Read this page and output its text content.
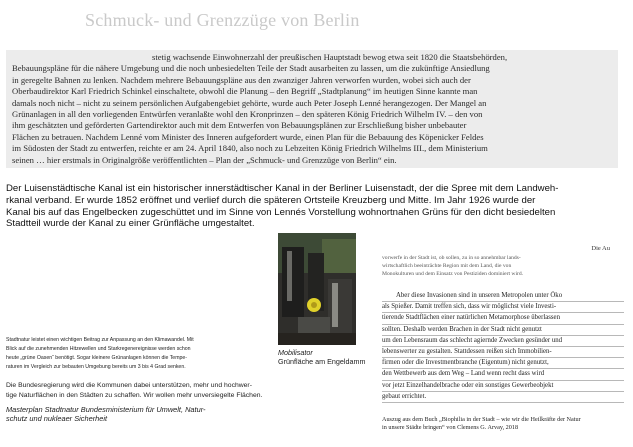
Schmuck- und Grenzzüge von Berlin
stetig wachsende Einwohnerzahl der preußischen Hauptstadt bewog etwa seit 1820 die Staatsbehörden,
Bebauungspläne für die nähere Umgebung und die noch unbesiedelten Teile der Stadt ausarbeiten zu lassen, um die zukünftige Ansiedlung
in geregelte Bahnen zu lenken. Nachdem mehrere Bebauungspläne aus den zwanziger Jahren verworfen wurden, wobei sich auch der
Oberbaudirektor Karl Friedrich Schinkel einschaltete, obwohl die Planung – den Begriff „Stadtplanung“ im heutigen Sinne kannte man
damals noch nicht – nicht zu seinem persönlichen Aufgabengebiet gehörte, wurde auch Peter Joseph Lenné herangezogen. Der Mangel an
Grünanlagen in all den vorliegenden Entwürfen veranlaßte wohl den Kronprinzen – den späteren König Friedrich Wilhelm IV. – den von
ihm geschätzten und geförderten Gartendirektor auch mit dem Entwerfen von Bebauungsplänen zur Erschließung bisher unbebauter
Flächen zu betrauen. Nachdem Lenné vom Minister des Inneren aufgefordert wurde, einen Plan für die Bebauung des Köpenicker Feldes
im Südosten der Stadt zu entwerfen, reichte er am 24. April 1840, also noch zu Lebzeiten König Friedrich Wilhelms III., dem Ministerium
seinen … hier erstmals in Originalgröße veröffentlichten – Plan der „Schmuck- und Grenzzüge von Berlin“ ein.
Der Luisenstädtische Kanal ist ein historischer innerstädtischer Kanal in der Berliner Luisenstadt, der die Spree mit dem Landweh-
rkanal verband. Er wurde 1852 eröffnet und verlief durch die späteren Ortsteile Kreuzberg und Mitte. Im Jahr 1926 wurde der
Kanal bis auf das Engelbecken zugeschüttet und im Sinne von Lennés Vorstellung wohnortnahen Grüns für den dicht besiedelten
Stadtteil wurde der Kanal zu einer Grünfläche umgestaltet.
Mobilisator
Grünfläche am Engeldamm
Stadtnatur leistet einen wichtigen Beitrag zur Anpassung an den Klimawandel. Mit
Blick auf die zunehmenden Hitzewellen und Starkregenereignisse werden schon
heute „grüne Oasen“ benötigt. Sogar kleinere Grünanlagen können die Tempe-
raturen im Vergleich zur bebauten Umgebung bereits um 3 bis 4 Grad senken.
Die Bundesregierung wird die Kommunen dabei unterstützen, mehr und hochwer-
tige Naturflächen in den Städten zu schaffen. Wir wollen mehr unversiegelte Flächen.
Masterplan Stadtnatur Bundesministerium für Umwelt, Natur-
schutz und nukleaer Sicherheit
Die Au
vorwerfe in der Stadt ist, ob sollen, zu in so annehmbar lands-
wirtschaftlich beeinträchte Region mit dem Land, die von
Monokulturen und dem Einsatz von Pestiziden dominiert wird.
Aber diese Invasionen sind in unseren Metropolen unter Öko
als Spießer. Damit treffen sich, dass wir möglichst viele Investi-
tierende Stadtflächen einer natürlichen Metamorphose überlassen
sollten. Deshalb werden Brachen in der Stadt nicht genutzt
um den Lebensraum das schlecht agiernde Zwecken gesünder und
lebenswerter zu gestalten. Stattdessen reißen sich Immobilien-
firmen oder die Investmentbranche (Eigentum) nicht genutzt,
den Wettbewerb aus dem Weg – Land wenn recht dass wird
vor jetzt Einzelhandelbrache oder ein sonstiges Gewerbeobjekt
gebaut errichtet.
Auszug aus dem Buch „Biophilia in der Stadt – wie wir die Heilkräfte der Natur
in unsere Städte bringen“ von Clemens G. Arvay, 2018
